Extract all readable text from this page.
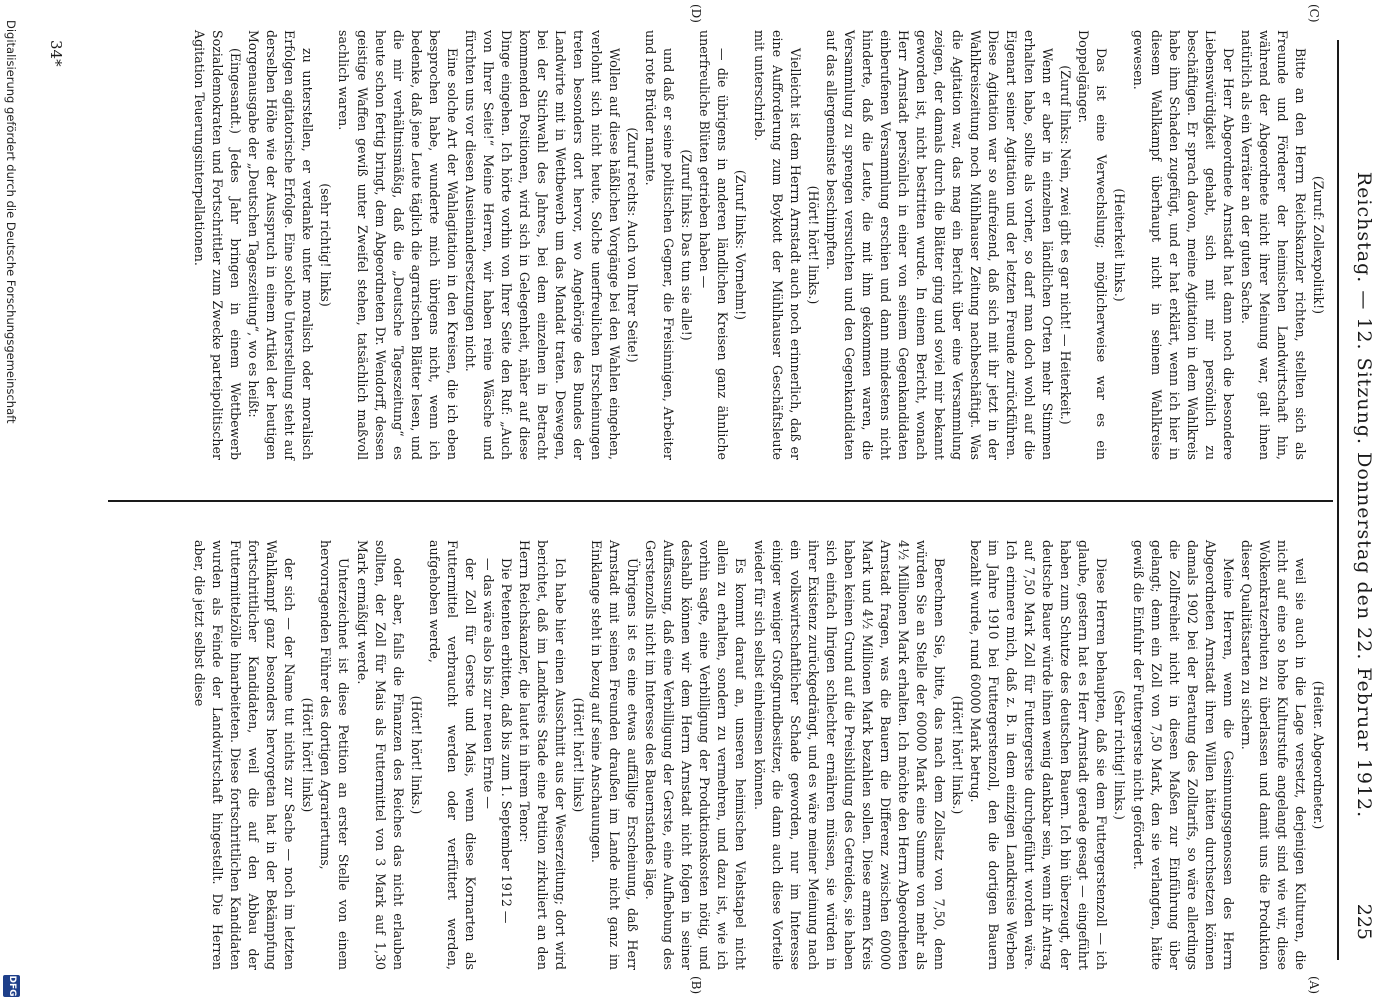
Reichstag. — 12. Sitzung. Donnerstag den 22. Februar 1912.
225

(Zuruf: Zollexpolitik!)

Bitte an den Herrn Reichskanzler richten, stellten sich als Freunde und Förderer der heimischen Landwirtschaft hin, während der Abgeordnete nicht ihrer Meinung war, galt ihnen natürlich als ein Verräter an der guten Sache.

Der Herr Abgeordnete Arnstadt hat dann noch die besondere Liebenswürdigkeit gehabt, sich mit mir persönlich zu beschäftigen. Er sprach davon, meine Agitation in dem Wahlkreis habe ihm Schaden zugefügt, und er hat erklärt, wenn ich hier in diesem Wahlkampf überhaupt nicht in seinem Wahlkreise gewesen.

(Heiterkeit links.)

Das ist eine Verwechslung; möglicherweise war es ein Doppelgänger.

(Zuruf links: Nein, zwei gibt es gar nicht! — Heiterkeit.)

Wenn er aber in einzelnen ländlichen Orten mehr Stimmen erhalten habe, sollte als vorher, so darf man doch wohl auf die Eigenart seiner Agitation und der letzten Freunde zurückführen. Diese Agitation war so aufreizend, daß sich mit ihr jetzt in der Wahlkreiszeitung noch Mühlhauser Zeitung nachbeschäftigt. Was die Agitation war, das mag ein Bericht über eine Versammlung zeigen, der damals durch die Blätter ging und soviel mir bekannt geworden ist, nicht bestritten wurde. In einem Bericht, wonach Herr Arnstadt persönlich in einer von seinem Gegenkandidaten einberufenen Versammlung erschien und dann mindestens nicht hinderte, daß die Leute, die mit ihm gekommen waren, die Versammlung zu sprengen versuchten und den Gegenkandidaten auf das allergemeinste beschimpften.

(Hört! hört! links.)

Vielleicht ist dem Herrn Arnstadt auch noch erinnerlich, daß er eine Aufforderung zum Boykott der Mühlhauser Geschäftsleute mit unterschrieb.

(Zuruf links: Vornehm!)

— die übrigens in anderen ländlichen Kreisen ganz ähnliche unerfreuliche Blüten getrieben haben —

(Zuruf links: Das tun sie alle!)

und daß er seine politischen Gegner, die Freisinnigen, Arbeiter und rote Brüder nannte.

(Zuruf rechts: Auch von Ihrer Seite!)

Wollen auf diese häßlichen Vorgänge bei den Wahlen eingehen, verlohnt sich nicht heute. Solche unerfreulichen Erscheinungen treten besonders dort hervor, wo Angehörige des Bundes der Landwirte mit in Wettbewerb um das Mandat traten. Deswegen, bei der Stichwahl des Jahres, bei dem einzelnen in Betracht kommenden Positionen, wird sich in Gelegenheit, näher auf diese Dinge eingehen. Ich hörte vorhin von Ihrer Seite den Ruf: „Auch von Ihrer Seite!“ Meine Herren, wir haben reine Wäsche und fürchten uns vor diesen Auseinandersetzungen nicht.

Eine solche Art der Wahlagitation in den Kreisen, die ich eben besprochen habe, wunderte mich übrigens nicht, wenn ich bedenke, daß jene Leute täglich die agrarischen Blätter lesen, und die mir verhältnismäßig, daß die „Deutsche Tageszeitung“ es heute schon fertig bringt, dem Abgeordneten Dr. Wendorff, dessen geistige Waffen gewiß unter Zweifel stehen, tatsächlich maßvoll sachlich waren.

(sehr richtig! links)

zu unterstellen, er verdanke unter moralisch oder moralisch Erfolgen agitatorische Erfolge. Eine solche Unterstellung steht auf derselben Höhe wie der Ausspruch in einem Artikel der heutigen Morgenausgabe der „Deutschen Tageszeitung“, wo es heißt:

(Eingesandt.) Jedes Jahr bringen in einem Wettbewerb Sozialdemokraten und Fortschrittler zum Zwecke parteipolitischer Agitation Teuerungsinterpellationen.

(Heiter. Abgeordneter.)

weil sie auch in die Lage versetzt, derjenigen Kulturen, die nicht auf eine so hohe Kulturstufe angelangt sind wie wir, diese Wolkenkratzerbuten zu überlassen und damit uns die Produktion dieser Qualitätsarten zu sichern.

Meine Herren, wenn die Gesinnungsgenossen des Herrn Abgeordneten Arnstadt ihren Willen hätten durchsetzen können damals 1902 bei der Beratung des Zolltarifs, so wäre allerdings die Zollfreiheit nicht in diesen Maßen zur Einführung über gelangt; denn ein Zoll von 7,50 Mark, den sie verlangten, hätte gewiß die Einfuhr der Futtergerste nicht gefördert.

(Sehr richtig! links.)

Diese Herren behaupten, daß sie dem Futtergerstenzoll — ich glaube, gestern hat es Herr Arnstadt gerade gesagt — eingeführt haben zum Schutze des deutschen Bauern. Ich bin überzeugt, der deutsche Bauer würde ihnen wenig dankbar sein, wenn ihr Antrag auf 7,50 Mark Zoll für Futtergerste durchgeführt worden wäre. Ich erinnere mich, daß z. B. in dem einzigen Landkreise Werben im Jahre 1910 bei Futtergerstenzoll, den die dortigen Bauern bezahlt wurde, rund 60000 Mark betrug.

(Hört! hört! links.)

Berechnen Sie, bitte, das nach dem Zollsatz von 7,50, denn würden Sie an Stelle der 60000 Mark eine Summe von mehr als 4½ Millionen Mark erhalten. Ich möchte den Herrn Abgeordneten Arnstadt fragen, was die Bauern die Differenz zwischen 60000 Mark und 4½ Millionen Mark bezahlen sollen. Diese armen Kreis haben keinen Grund auf die Preisbildung des Getreides, sie haben sich einfach Ihrigen schlechter ernähren müssen, sie würden in ihrer Existenz zurückgedrängt, und es wäre meiner Meinung nach ein volkswirtschaftlicher Schade geworden, nur im Interesse einiger weniger Großgrundbesitzer, die dann auch diese Vorteile wieder für sich selbst einheimsen können.

Es kommt darauf an, unseren heimischen Viehstapel nicht allein zu erhalten, sondern zu vermehren, und dazu ist, wie ich vorhin sagte, eine Verbilligung der Produktionskosten nötig, und deshalb können wir dem Herrn Arnstadt nicht folgen in seiner Auffassung, daß eine Verbilligung der Gerste, eine Aufhebung des Gerstenzolls nicht im Interesse des Bauernstandes läge.

Übrigens ist es eine etwas auffällige Erscheinung, daß Herr Arnstadt mit seinen Freunden draußen im Lande nicht ganz im Einklange steht in bezug auf seine Anschauungen.

(Hört! hört! links)

Ich habe hier einen Ausschnitt aus der Weserzeitung; dort wird berichtet, daß im Landkreis Stade eine Petition zirkuliert an den Herrn Reichskanzler, die lautet in ihrem Tenor:

Die Petenten erbitten, daß bis zum 1. September 1912 —

— das wäre also bis zur neuen Ernte —

der Zoll für Gerste und Mais, wenn diese Kornarten als Futtermittel verbraucht werden oder verfüttert werden, aufgehoben werde,

(Hört! hört! links.)

oder aber, falls die Finanzen des Reiches das nicht erlauben sollten, der Zoll für Mais als Futtermittel von 3 Mark auf 1,30 Mark ermäßigt werde.

Unterzeichnet ist diese Petition an erster Stelle von einem hervorragenden Führer des dortigen Agrariertums,

(Hört! hört! links)

der sich — der Name tut nichts zur Sache — noch im letzten Wahlkampf ganz besonders hervorgetan hat in der Bekämpfung fortschrittlicher Kandidaten, weil die auf den Abbau der Futtermittelzölle hinarbeiteten. Diese fortschrittlichen Kandidaten wurden als Feinde der Landwirtschaft hingestellt. Die Herren aber, die jetzt selbst diese

(C)
(D)
(A)
(B)
34*
Digitalisierung gefördert durch die Deutsche Forschungsgemeinschaft
DFG
